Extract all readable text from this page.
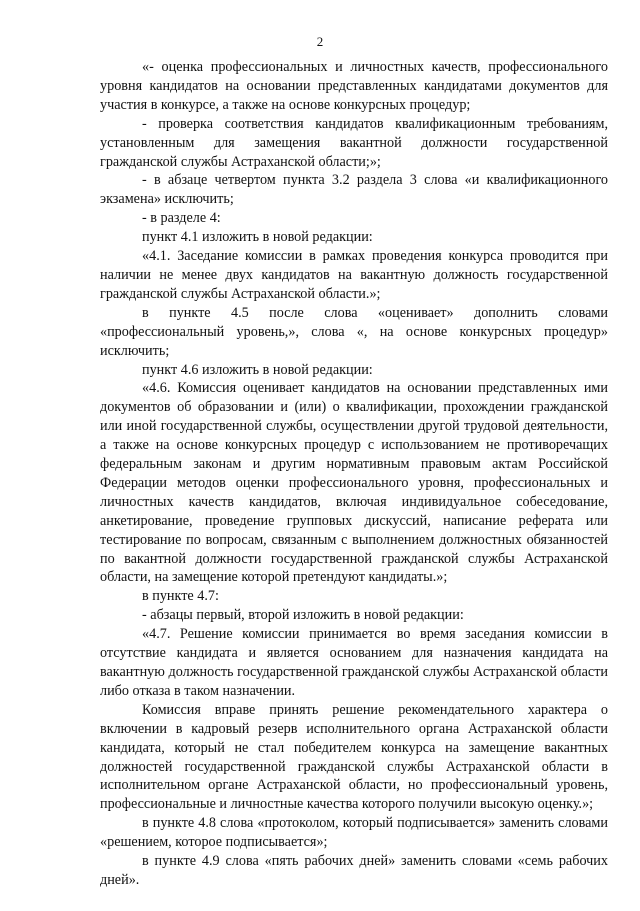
2

«- оценка профессиональных и личностных качеств, профессионального уровня кандидатов на основании представленных кандидатами документов для участия в конкурсе, а также на основе конкурсных процедур;

- проверка соответствия кандидатов квалификационным требованиям, установленным для замещения вакантной должности государственной гражданской службы Астраханской области;»;

- в абзаце четвертом пункта 3.2 раздела 3 слова «и квалификационного экзамена» исключить;

- в разделе 4:

пункт 4.1 изложить в новой редакции:

«4.1. Заседание комиссии в рамках проведения конкурса проводится при наличии не менее двух кандидатов на вакантную должность государственной гражданской службы Астраханской области.»;

в пункте 4.5 после слова «оценивает» дополнить словами «профессиональный уровень,», слова «, на основе конкурсных процедур» исключить;

пункт 4.6 изложить в новой редакции:

«4.6. Комиссия оценивает кандидатов на основании представленных ими документов об образовании и (или) о квалификации, прохождении гражданской или иной государственной службы, осуществлении другой трудовой деятельности, а также на основе конкурсных процедур с использованием не противоречащих федеральным законам и другим нормативным правовым актам Российской Федерации методов оценки профессионального уровня, профессиональных и личностных качеств кандидатов, включая индивидуальное собеседование, анкетирование, проведение групповых дискуссий, написание реферата или тестирование по вопросам, связанным с выполнением должностных обязанностей по вакантной должности государственной гражданской службы Астраханской области, на замещение которой претендуют кандидаты.»;

в пункте 4.7:

- абзацы первый, второй изложить в новой редакции:

«4.7. Решение комиссии принимается во время заседания комиссии в отсутствие кандидата и является основанием для назначения кандидата на вакантную должность государственной гражданской службы Астраханской области либо отказа в таком назначении.

Комиссия вправе принять решение рекомендательного характера о включении в кадровый резерв исполнительного органа Астраханской области кандидата, который не стал победителем конкурса на замещение вакантных должностей государственной гражданской службы Астраханской области в исполнительном органе Астраханской области, но профессиональный уровень, профессиональные и личностные качества которого получили высокую оценку.»;

в пункте 4.8 слова «протоколом, который подписывается» заменить словами «решением, которое подписывается»;

в пункте 4.9 слова «пять рабочих дней» заменить словами «семь рабочих дней».
